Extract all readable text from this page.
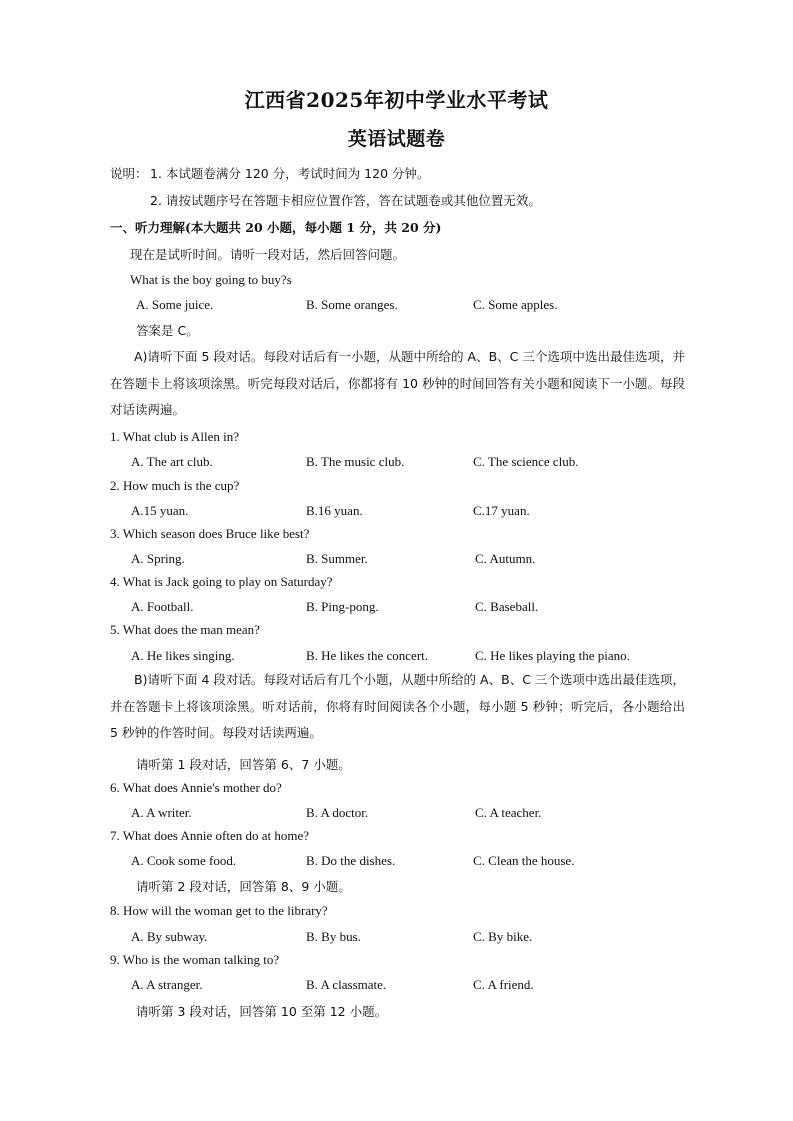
江西省2025年初中学业水平考试
英语试题卷
说明： 1. 本试题卷满分 120 分，考试时间为 120 分钟。
2. 请按试题序号在答题卡相应位置作答，答在试题卷或其他位置无效。
一、听力理解(本大题共 20 小题，每小题 1 分，共 20 分)
现在是试听时间。请听一段对话，然后回答问题。
What is the boy going to buy?s
A. Some juice.	B. Some oranges.	C. Some apples.
答案是 C。
A)请听下面 5 段对话。每段对话后有一小题，从题中所给的 A、B、C 三个选项中选出最佳选项，并在答题卡上将该项涂黑。听完每段对话后，你都将有 10 秒钟的时间回答有关小题和阅读下一小题。每段对话读两遍。
1. What club is Allen in?
A. The art club.	B. The music club.	C. The science club.
2. How much is the cup?
A.15 yuan.	B.16 yuan.	C.17 yuan.
3. Which season does Bruce like best?
A. Spring.	B. Summer.	C. Autumn.
4. What is Jack going to play on Saturday?
A. Football.	B. Ping-pong.	C. Baseball.
5. What does the man mean?
A. He likes singing.	B. He likes the concert.	C. He likes playing the piano.
B)请听下面 4 段对话。每段对话后有几个小题，从题中所给的 A、B、C 三个选项中选出最佳选项，并在答题卡上将该项涂黑。听对话前，你将有时间阅读各个小题，每小题 5 秒钟；听完后，各小题给出 5 秒钟的作答时间。每段对话读两遍。
请听第 1 段对话，回答第 6、7 小题。
6. What does Annie's mother do?
A. A writer.	B. A doctor.	C. A teacher.
7. What does Annie often do at home?
A. Cook some food.	B. Do the dishes.	C. Clean the house.
请听第 2 段对话，回答第 8、9 小题。
8. How will the woman get to the library?
A. By subway.	B. By bus.	C. By bike.
9. Who is the woman talking to?
A. A stranger.	B. A classmate.	C. A friend.
请听第 3 段对话，回答第 10 至第 12 小题。
